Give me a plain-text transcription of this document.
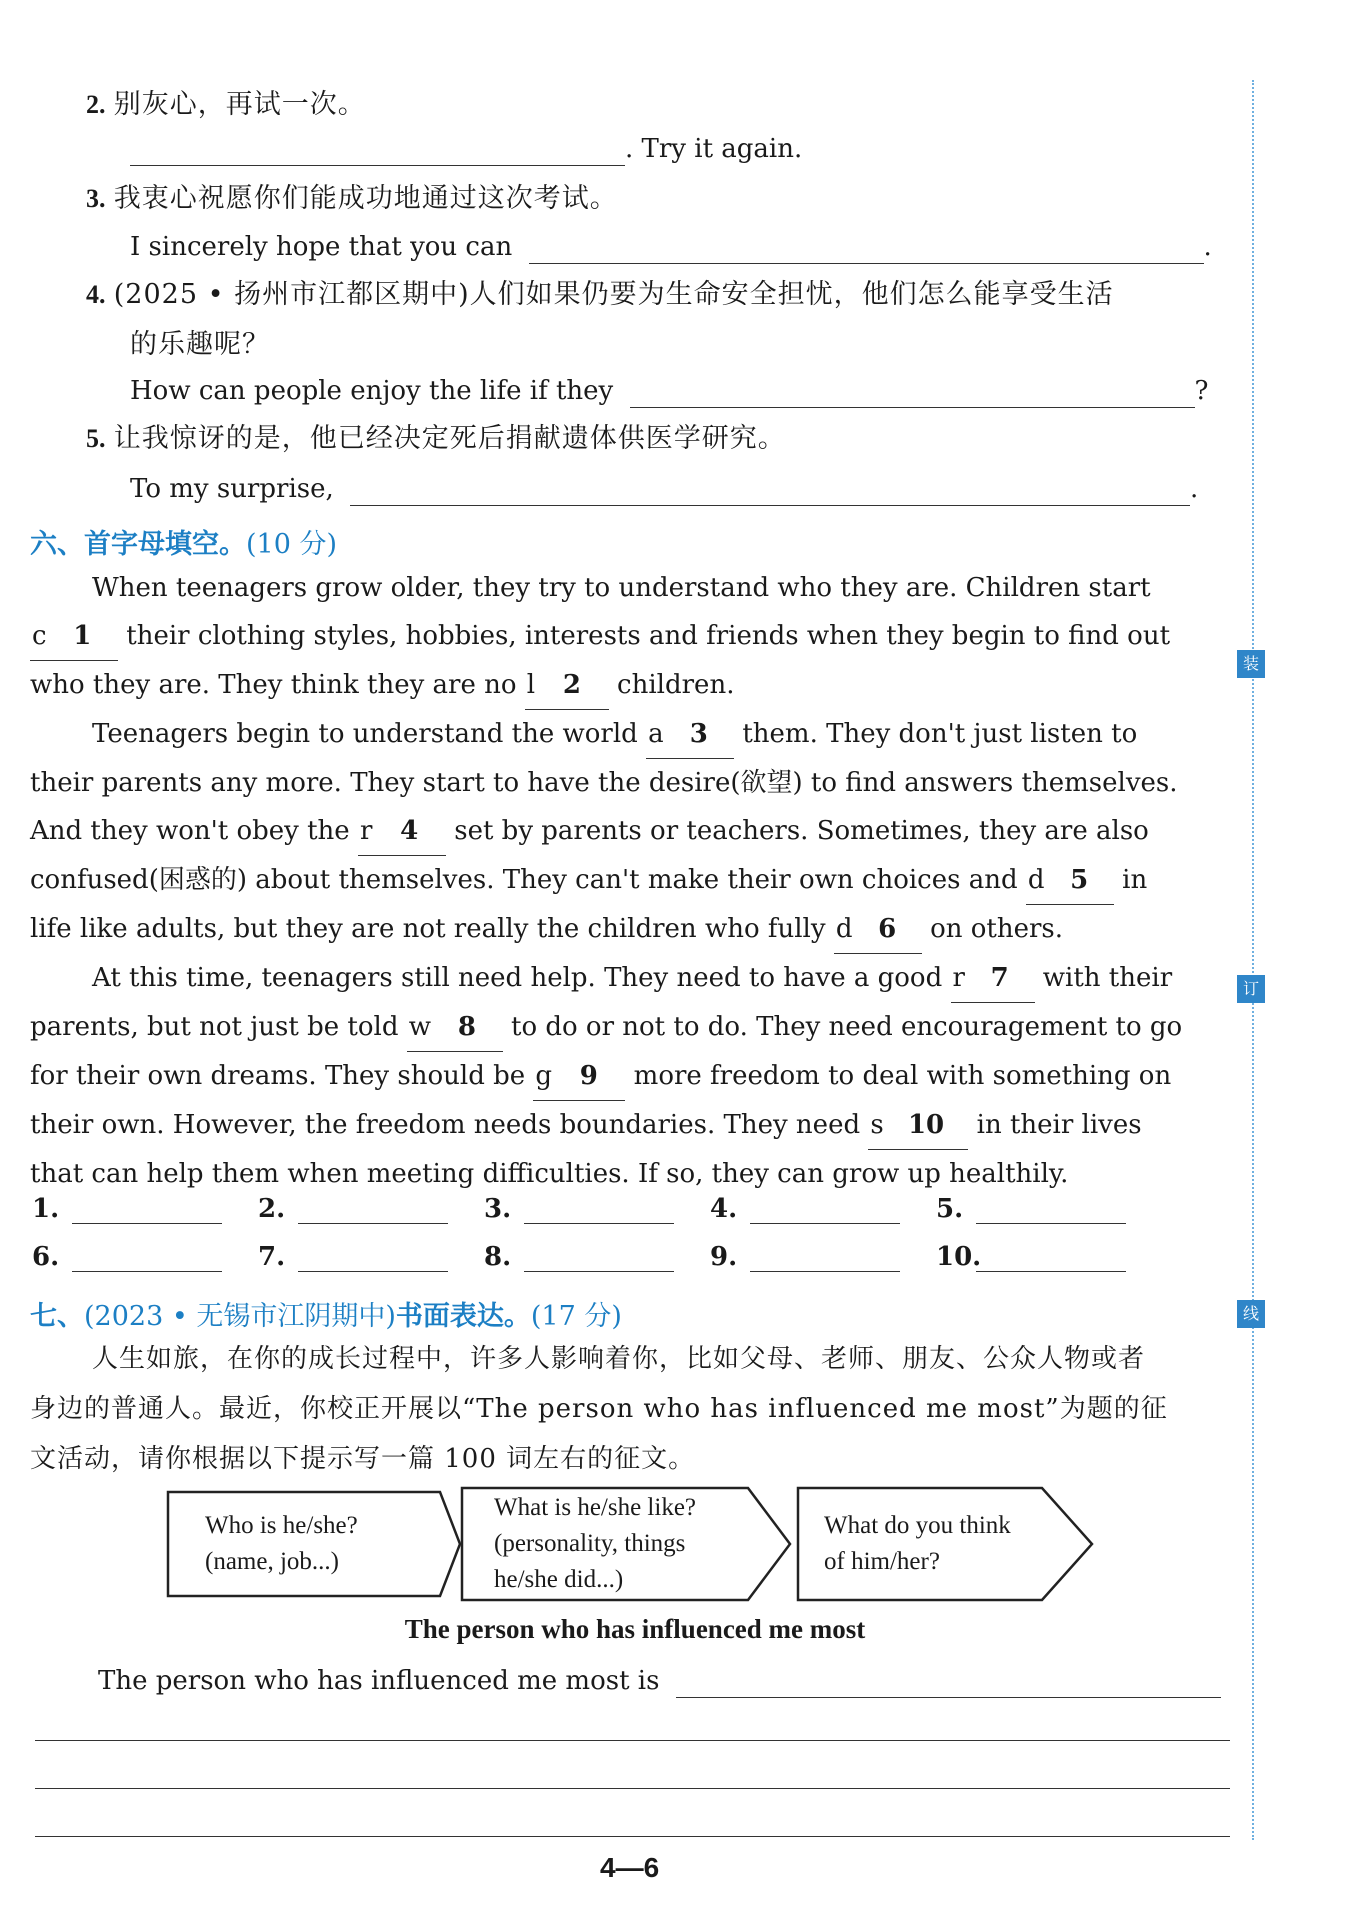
装
订
线
2. 别灰心，再试一次。
. Try it again.
3. 我衷心祝愿你们能成功地通过这次考试。
I sincerely hope that you can	.
4. (2025 • 扬州市江都区期中)人们如果仍要为生命安全担忧，他们怎么能享受生活
的乐趣呢？
How can people enjoy the life if they	?
5. 让我惊讶的是，他已经决定死后捐献遗体供医学研究。
To my surprise,	.
六、首字母填空。(10 分)
When teenagers grow older, they try to understand who they are. Children start
c 1 their clothing styles, hobbies, interests and friends when they begin to find out
who they are. They think they are no l 2 children.
Teenagers begin to understand the world a 3 them. They don't just listen to
their parents any more. They start to have the desire(欲望) to find answers themselves.
And they won't obey the r 4 set by parents or teachers. Sometimes, they are also
confused(困惑的) about themselves. They can't make their own choices and d 5 in
life like adults, but they are not really the children who fully d 6 on others.
At this time, teenagers still need help. They need to have a good r 7 with their
parents, but not just be told w 8 to do or not to do. They need encouragement to go
for their own dreams. They should be g 9 more freedom to deal with something on
their own. However, the freedom needs boundaries. They need s 10 in their lives
that can help them when meeting difficulties. If so, they can grow up healthily.
1.	2.	3.	4.	5.
6.	7.	8.	9.	10.
七、(2023 • 无锡市江阴期中)书面表达。(17 分)
人生如旅，在你的成长过程中，许多人影响着你，比如父母、老师、朋友、公众人物或者
身边的普通人。最近，你校正开展以“The person who has influenced me most”为题的征
文活动，请你根据以下提示写一篇 100 词左右的征文。
Who is he/she?
(name, job...)
What is he/she like?
(personality, things
he/she did...)
What do you think
of him/her?
The person who has influenced me most
The person who has influenced me most is
4—6
